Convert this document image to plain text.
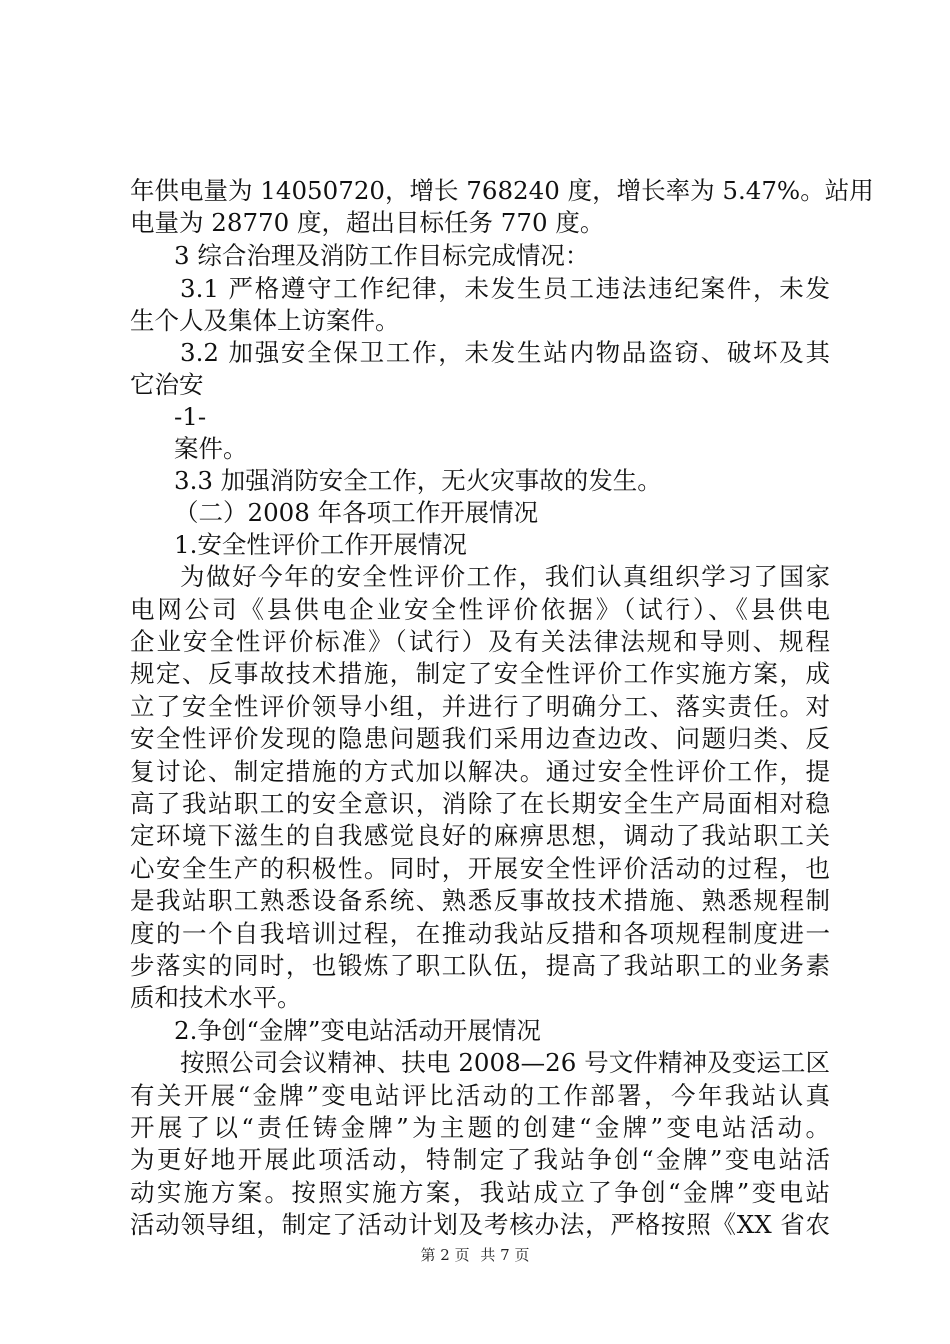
年供电量为 14050720，增长 768240 度，增长率为 5.47%。站用
电量为 28770 度，超出目标任务 770 度。
3 综合治理及消防工作目标完成情况：
3.1 严格遵守工作纪律，未发生员工违法违纪案件，未发
生个人及集体上访案件。
3.2 加强安全保卫工作，未发生站内物品盗窃、破坏及其
它治安
-1-
案件。
3.3 加强消防安全工作，无火灾事故的发生。
（二）2008 年各项工作开展情况
1.安全性评价工作开展情况
为做好今年的安全性评价工作，我们认真组织学习了国家
电网公司《县供电企业安全性评价依据》（试行）、《县供电
企业安全性评价标准》（试行）及有关法律法规和导则、规程
规定、反事故技术措施，制定了安全性评价工作实施方案，成
立了安全性评价领导小组，并进行了明确分工、落实责任。对
安全性评价发现的隐患问题我们采用边查边改、问题归类、反
复讨论、制定措施的方式加以解决。通过安全性评价工作，提
高了我站职工的安全意识，消除了在长期安全生产局面相对稳
定环境下滋生的自我感觉良好的麻痹思想，调动了我站职工关
心安全生产的积极性。同时，开展安全性评价活动的过程，也
是我站职工熟悉设备系统、熟悉反事故技术措施、熟悉规程制
度的一个自我培训过程，在推动我站反措和各项规程制度进一
步落实的同时，也锻炼了职工队伍，提高了我站职工的业务素
质和技术水平。
2.争创“金牌”变电站活动开展情况
按照公司会议精神、扶电 2008—26 号文件精神及变运工区
有关开展“金牌”变电站评比活动的工作部署，今年我站认真
开展了以“责任铸金牌”为主题的创建“金牌”变电站活动。
为更好地开展此项活动，特制定了我站争创“金牌”变电站活
动实施方案。按照实施方案，我站成立了争创“金牌”变电站
活动领导组，制定了活动计划及考核办法，严格按照《XX 省农
第 2 页 共 7 页
